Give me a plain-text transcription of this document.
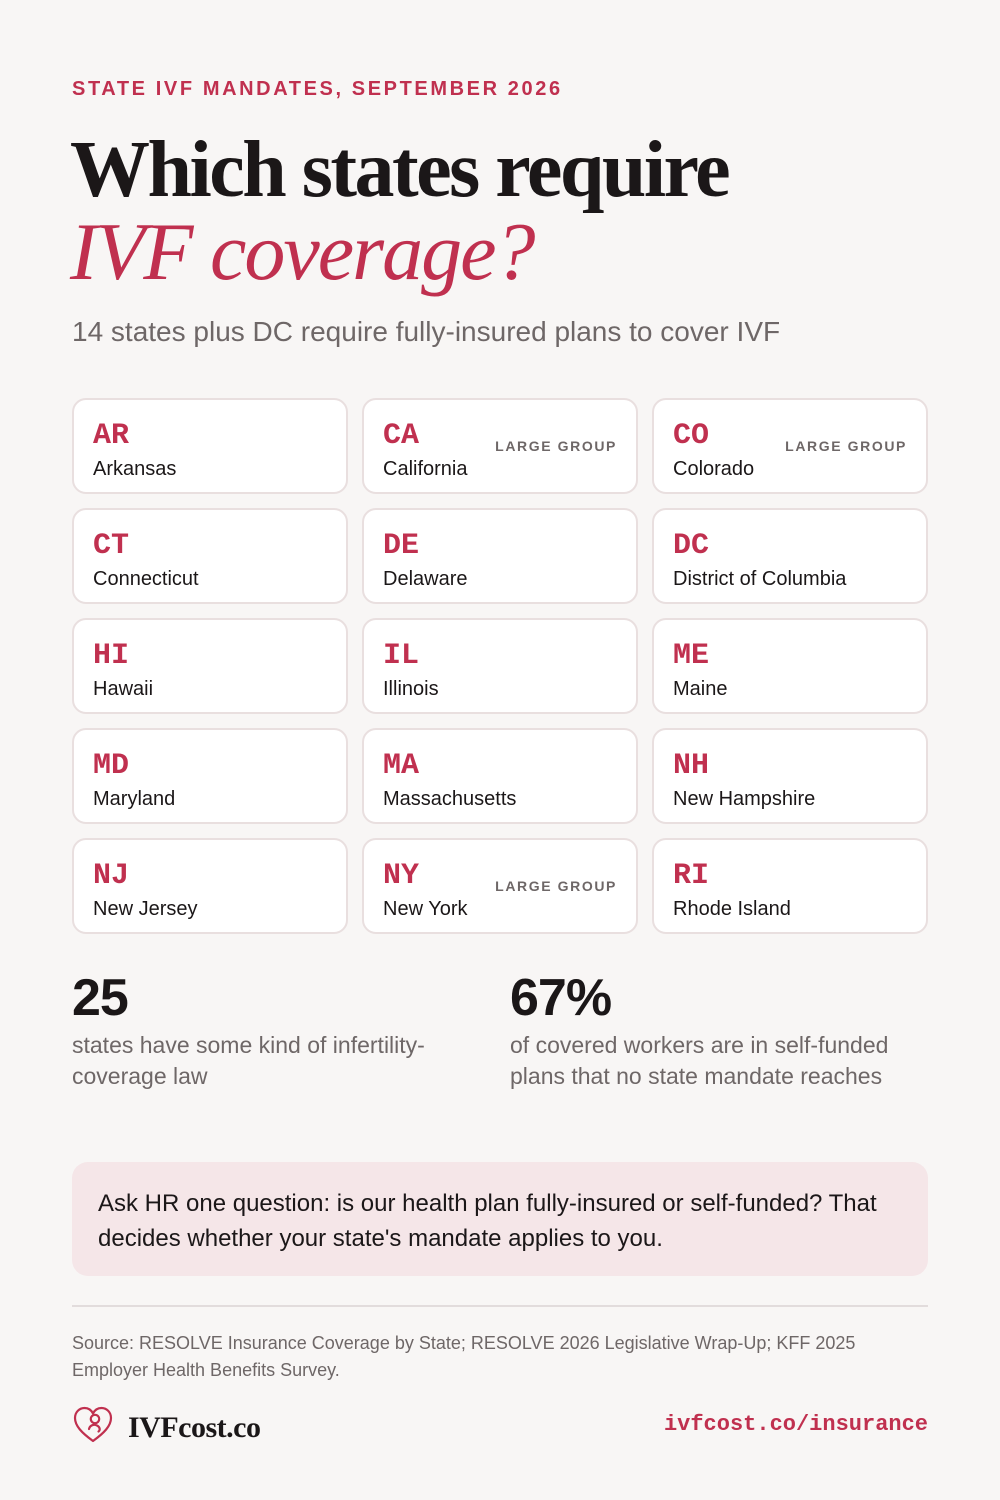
STATE IVF MANDATES, SEPTEMBER 2026
Which states require
IVF coverage?
14 states plus DC require fully-insured plans to cover IVF
AR
Arkansas
CA	LARGE GROUP
California
CO	LARGE GROUP
Colorado
CT
Connecticut
DE
Delaware
DC
District of Columbia
HI
Hawaii
IL
Illinois
ME
Maine
MD
Maryland
MA
Massachusetts
NH
New Hampshire
NJ
New Jersey
NY	LARGE GROUP
New York
RI
Rhode Island
25
states have some kind of infertility-coverage law
67%
of covered workers are in self-funded plans that no state mandate reaches
Ask HR one question: is our health plan fully-insured or self-funded? That decides whether your state's mandate applies to you.
Source: RESOLVE Insurance Coverage by State; RESOLVE 2026 Legislative Wrap-Up; KFF 2025 Employer Health Benefits Survey.
IVFcost.co	ivfcost.co/insurance
